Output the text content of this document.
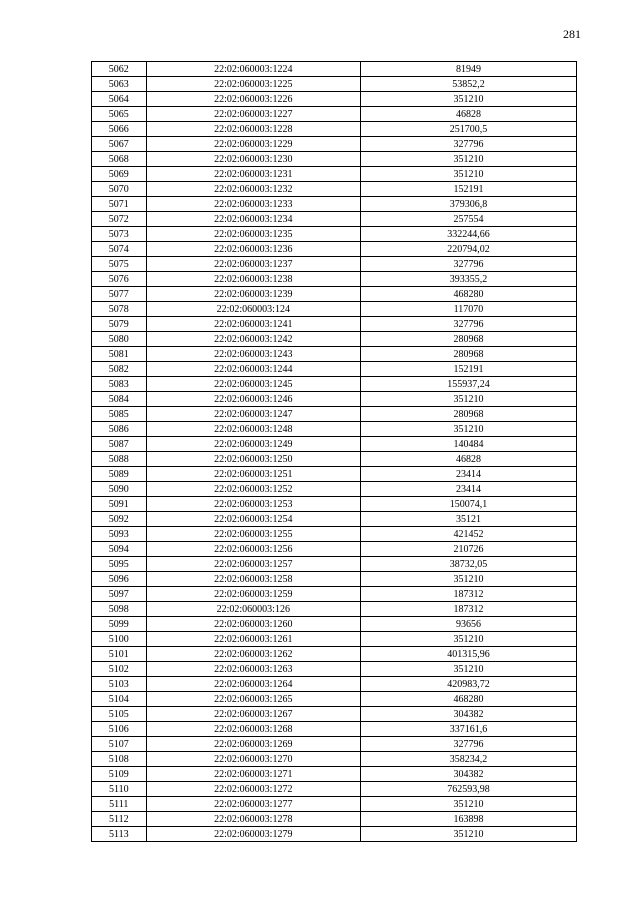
281
5062	22:02:060003:1224	81949
5063	22:02:060003:1225	53852,2
5064	22:02:060003:1226	351210
5065	22:02:060003:1227	46828
5066	22:02:060003:1228	251700,5
5067	22:02:060003:1229	327796
5068	22:02:060003:1230	351210
5069	22:02:060003:1231	351210
5070	22:02:060003:1232	152191
5071	22:02:060003:1233	379306,8
5072	22:02:060003:1234	257554
5073	22:02:060003:1235	332244,66
5074	22:02:060003:1236	220794,02
5075	22:02:060003:1237	327796
5076	22:02:060003:1238	393355,2
5077	22:02:060003:1239	468280
5078	22:02:060003:124	117070
5079	22:02:060003:1241	327796
5080	22:02:060003:1242	280968
5081	22:02:060003:1243	280968
5082	22:02:060003:1244	152191
5083	22:02:060003:1245	155937,24
5084	22:02:060003:1246	351210
5085	22:02:060003:1247	280968
5086	22:02:060003:1248	351210
5087	22:02:060003:1249	140484
5088	22:02:060003:1250	46828
5089	22:02:060003:1251	23414
5090	22:02:060003:1252	23414
5091	22:02:060003:1253	150074,1
5092	22:02:060003:1254	35121
5093	22:02:060003:1255	421452
5094	22:02:060003:1256	210726
5095	22:02:060003:1257	38732,05
5096	22:02:060003:1258	351210
5097	22:02:060003:1259	187312
5098	22:02:060003:126	187312
5099	22:02:060003:1260	93656
5100	22:02:060003:1261	351210
5101	22:02:060003:1262	401315,96
5102	22:02:060003:1263	351210
5103	22:02:060003:1264	420983,72
5104	22:02:060003:1265	468280
5105	22:02:060003:1267	304382
5106	22:02:060003:1268	337161,6
5107	22:02:060003:1269	327796
5108	22:02:060003:1270	358234,2
5109	22:02:060003:1271	304382
5110	22:02:060003:1272	762593,98
5111	22:02:060003:1277	351210
5112	22:02:060003:1278	163898
5113	22:02:060003:1279	351210
